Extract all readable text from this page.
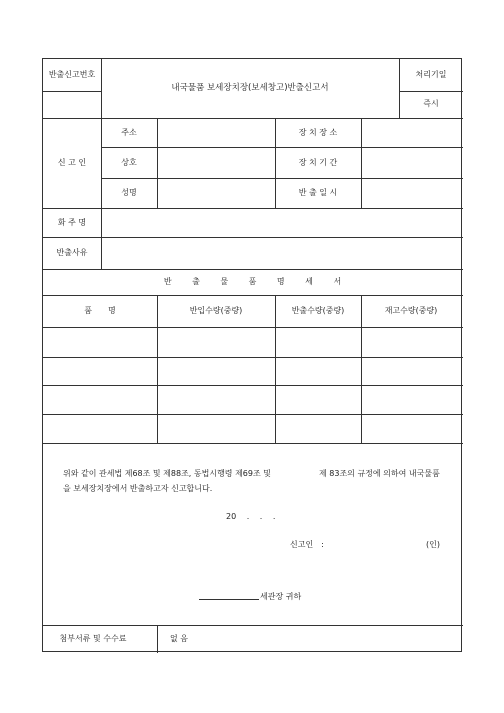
반출신고번호
내국물품 보세장치장(보세창고)반출신고서
처리기일
즉시
신 고 인
주소	장 치 장 소
상호	장 치 기 간
성명	반 출 일 시
화 주 명
반출사유
반 출 물 품 명 세 서
품　　명	반입수량(중량)	반출수량(중량)	재고수량(중량)
위와 같이 관세법 제68조 및 제88조, 동법시행령 제69조 및	제 83조의 규정에 의하여 내국물품
을 보세장치장에서 반출하고자 신고합니다.
20　 .　 .　 .
신고인　:	(인)
세관장 귀하
첨부서류 및 수수료	없 음
